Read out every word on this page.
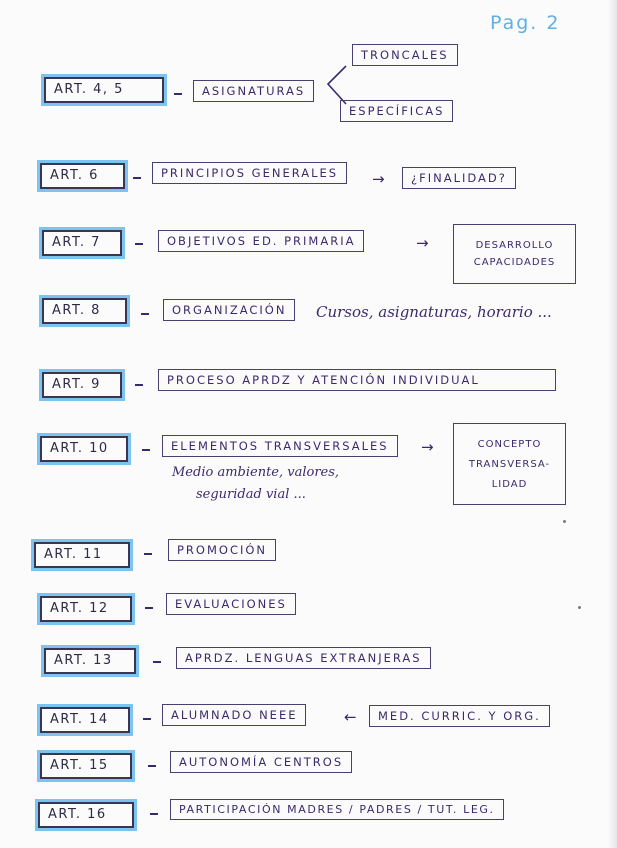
Pag. 2
ART. 4, 5	ASIGNATURAS
TRONCALES
ESPECÍFICAS
ART. 6	PRINCIPIOS GENERALES	→	¿FINALIDAD?
ART. 7	OBJETIVOS ED. PRIMARIA	→	DESARROLLO
CAPACIDADES
ART. 8	ORGANIZACIÓN	Cursos, asignaturas, horario ...
ART. 9	PROCESO APRDZ Y ATENCIÓN INDIVIDUAL
ART. 10	ELEMENTOS TRANSVERSALES	→
Medio ambiente, valores,
seguridad vial ...
CONCEPTO
TRANSVERSA-
LIDAD
ART. 11	PROMOCIÓN
ART. 12	EVALUACIONES
ART. 13	APRDZ. LENGUAS EXTRANJERAS
ART. 14	ALUMNADO NEEE	←	MED. CURRIC. Y ORG.
ART. 15	AUTONOMÍA CENTROS
ART. 16	PARTICIPACIÓN MADRES / PADRES / TUT. LEG.
